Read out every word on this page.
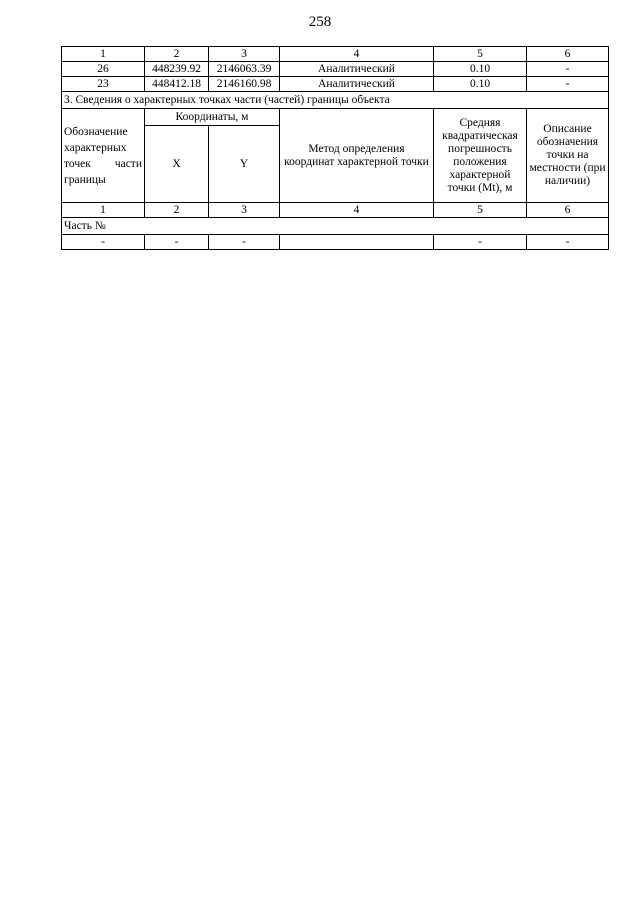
258
1	2	3	4	5	6
26	448239.92	2146063.39	Аналитический	0.10	-
23	448412.18	2146160.98	Аналитический	0.10	-
3. Сведения о характерных точках части (частей) границы объекта					
Обозначение характерных точек части границы	Координаты, м		Метод определения координат характерной точки	Средняя квадратическая погрешность положения характерной точки (Mt), м	Описание обозначения точки на местности (при наличии)
	X	Y			
1	2	3	4	5	6
Часть №					
-	-	-		-	-
